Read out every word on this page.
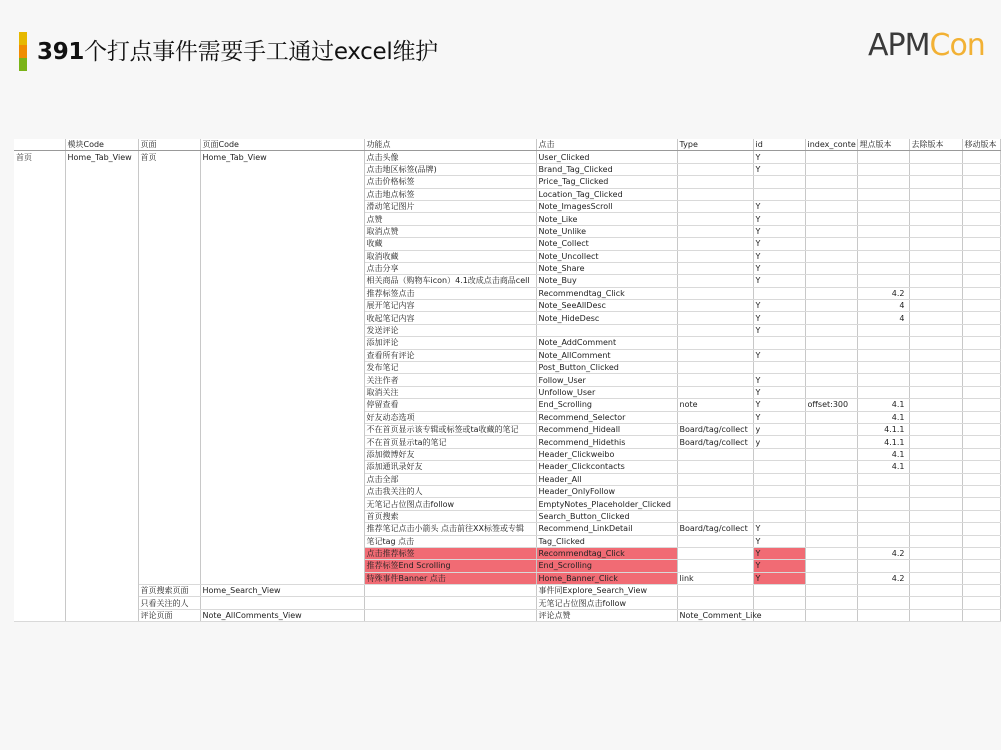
391个打点事件需要手工通过excel维护	APMCon
	模块Code	页面	页面Code	功能点	点击	Type	id	index_conte	埋点版本	去除版本	移动版本
首页	Home_Tab_View	首页	Home_Tab_View	点击头像	User_Clicked		Y				
				点击地区标签(品牌)	Brand_Tag_Clicked		Y				
				点击价格标签	Price_Tag_Clicked						
				点击地点标签	Location_Tag_Clicked						
				滑动笔记图片	Note_ImagesScroll		Y				
				点赞	Note_Like		Y				
				取消点赞	Note_Unlike		Y				
				收藏	Note_Collect		Y				
				取消收藏	Note_Uncollect		Y				
				点击分享	Note_Share		Y				
				相关商品（购物车icon）4.1改成点击商品cell	Note_Buy		Y				
				推荐标签点击	Recommendtag_Click				4.2		
				展开笔记内容	Note_SeeAllDesc		Y		4		
				收起笔记内容	Note_HideDesc		Y		4		
				发送评论			Y				
				添加评论	Note_AddComment						
				查看所有评论	Note_AllComment		Y				
				发布笔记	Post_Button_Clicked						
				关注作者	Follow_User		Y				
				取消关注	Unfollow_User		Y				
				停留查看	End_Scrolling	note	Y	offset:300	4.1		
				好友动态选项	Recommend_Selector		Y		4.1		
				不在首页显示该专辑或标签或ta收藏的笔记	Recommend_Hideall	Board/tag/collect	y		4.1.1		
				不在首页显示ta的笔记	Recommend_Hidethis	Board/tag/collect	y		4.1.1		
				添加微博好友	Header_Clickweibo				4.1		
				添加通讯录好友	Header_Clickcontacts				4.1		
				点击全部	Header_All						
				点击我关注的人	Header_OnlyFollow						
				无笔记占位图点击follow	EmptyNotes_Placeholder_Clicked						
				首页搜索	Search_Button_Clicked						
				推荐笔记点击小箭头 点击前往XX标签或专辑	Recommend_LinkDetail	Board/tag/collect	Y				
				笔记tag 点击	Tag_Clicked		Y				
				点击推荐标签	Recommendtag_Click		Y		4.2		
				推荐标签End Scrolling	End_Scrolling		Y				
				特殊事件Banner 点击	Home_Banner_Click	link	Y		4.2		
		首页搜索页面	Home_Search_View		事件同Explore_Search_View						
		只看关注的人			无笔记占位图点击follow						
		评论页面	Note_AllComments_View		评论点赞	Note_Comment_Like					
